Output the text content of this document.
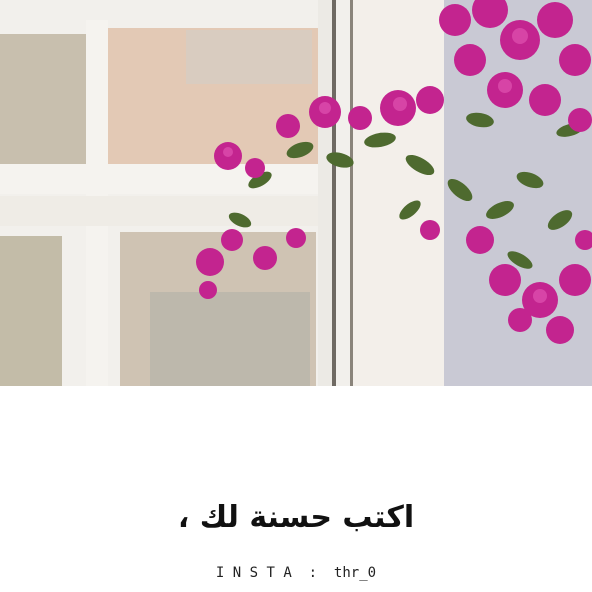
اكتب حسنة لك ،
I N S T A  :  thr_0
